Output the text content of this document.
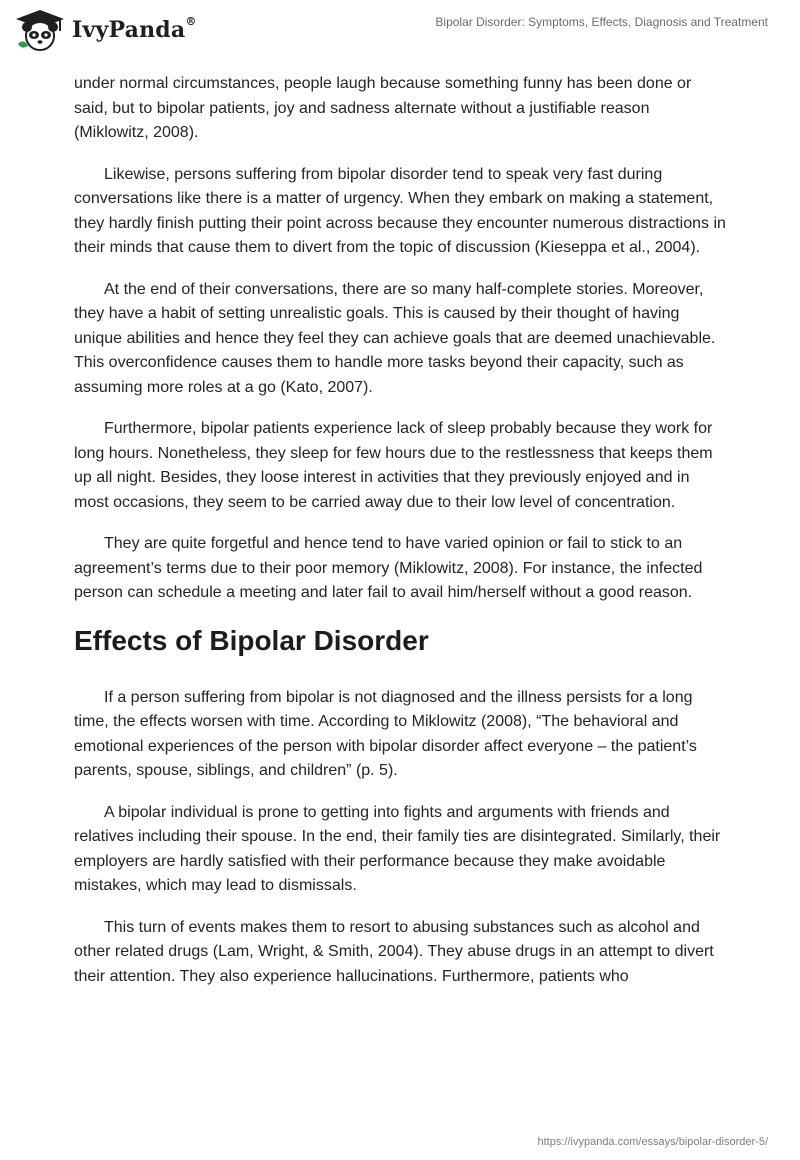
IvyPanda®	Bipolar Disorder: Symptoms, Effects, Diagnosis and Treatment

under normal circumstances, people laugh because something funny has been done or said, but to bipolar patients, joy and sadness alternate without a justifiable reason (Miklowitz, 2008).

Likewise, persons suffering from bipolar disorder tend to speak very fast during conversations like there is a matter of urgency. When they embark on making a statement, they hardly finish putting their point across because they encounter numerous distractions in their minds that cause them to divert from the topic of discussion (Kieseppa et al., 2004).

At the end of their conversations, there are so many half-complete stories. Moreover, they have a habit of setting unrealistic goals. This is caused by their thought of having unique abilities and hence they feel they can achieve goals that are deemed unachievable. This overconfidence causes them to handle more tasks beyond their capacity, such as assuming more roles at a go (Kato, 2007).

Furthermore, bipolar patients experience lack of sleep probably because they work for long hours. Nonetheless, they sleep for few hours due to the restlessness that keeps them up all night. Besides, they loose interest in activities that they previously enjoyed and in most occasions, they seem to be carried away due to their low level of concentration.

They are quite forgetful and hence tend to have varied opinion or fail to stick to an agreement’s terms due to their poor memory (Miklowitz, 2008). For instance, the infected person can schedule a meeting and later fail to avail him/herself without a good reason.

Effects of Bipolar Disorder

If a person suffering from bipolar is not diagnosed and the illness persists for a long time, the effects worsen with time. According to Miklowitz (2008), “The behavioral and emotional experiences of the person with bipolar disorder affect everyone – the patient’s parents, spouse, siblings, and children” (p. 5).

A bipolar individual is prone to getting into fights and arguments with friends and relatives including their spouse. In the end, their family ties are disintegrated. Similarly, their employers are hardly satisfied with their performance because they make avoidable mistakes, which may lead to dismissals.

This turn of events makes them to resort to abusing substances such as alcohol and other related drugs (Lam, Wright, & Smith, 2004). They abuse drugs in an attempt to divert their attention. They also experience hallucinations. Furthermore, patients who

https://ivypanda.com/essays/bipolar-disorder-5/
